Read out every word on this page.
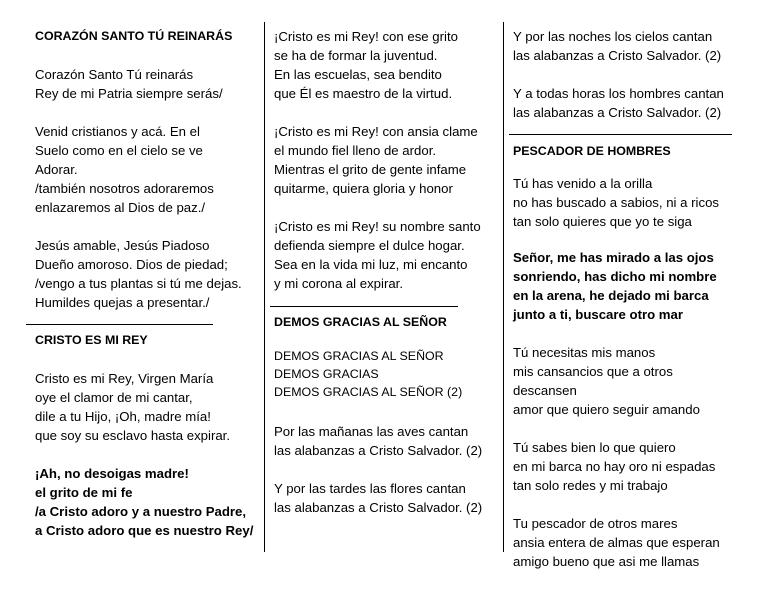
CORAZÓN SANTO TÚ REINARÁS
Corazón Santo Tú reinarás
Rey de mi Patria siempre serás/
Venid cristianos y acá. En el
Suelo como en el cielo se ve
Adorar.
/también nosotros adoraremos
enlazaremos al Dios de paz./
Jesús amable, Jesús Piadoso
Dueño amoroso. Dios de piedad;
/vengo a tus plantas si tú me dejas.
Humildes quejas a presentar./
CRISTO ES MI REY
Cristo es mi Rey, Virgen María
oye el clamor de mi cantar,
dile a tu Hijo, ¡Oh, madre mía!
que soy su esclavo hasta expirar.
¡Ah, no desoigas madre!
el grito de mi fe
/a Cristo adoro y a nuestro Padre,
a Cristo adoro que es nuestro Rey/
¡Cristo es mi Rey! con ese grito
se ha de formar la juventud.
En las escuelas, sea bendito
que Él es maestro de la virtud.
¡Cristo es mi Rey! con ansia clame
el mundo fiel lleno de ardor.
Mientras el grito de gente infame
quitarme, quiera gloria y honor
¡Cristo es mi Rey! su nombre santo
defienda siempre el dulce hogar.
Sea en la vida mi luz, mi encanto
y mi corona al expirar.
DEMOS GRACIAS AL SEÑOR
DEMOS GRACIAS AL SEÑOR
DEMOS GRACIAS
DEMOS GRACIAS AL SEÑOR (2)
Por las mañanas las aves cantan
las alabanzas a Cristo Salvador. (2)
Y por las tardes las flores cantan
las alabanzas a Cristo Salvador. (2)
Y por las noches los cielos cantan
las alabanzas a Cristo Salvador. (2)
Y a todas horas los hombres cantan
las alabanzas a Cristo Salvador. (2)
PESCADOR DE HOMBRES
Tú has venido a la orilla
no has buscado a sabios, ni a ricos
tan solo quieres que yo te siga
Señor, me has mirado a las ojos
sonriendo, has dicho mi nombre
en la arena, he dejado mi barca
junto a ti, buscare otro mar
Tú necesitas mis manos
mis cansancios que a otros
descansen
amor que quiero seguir amando
Tú sabes bien lo que quiero
en mi barca no hay oro ni espadas
tan solo redes y mi trabajo
Tu pescador de otros mares
ansia entera de almas que esperan
amigo bueno que asi me llamas
